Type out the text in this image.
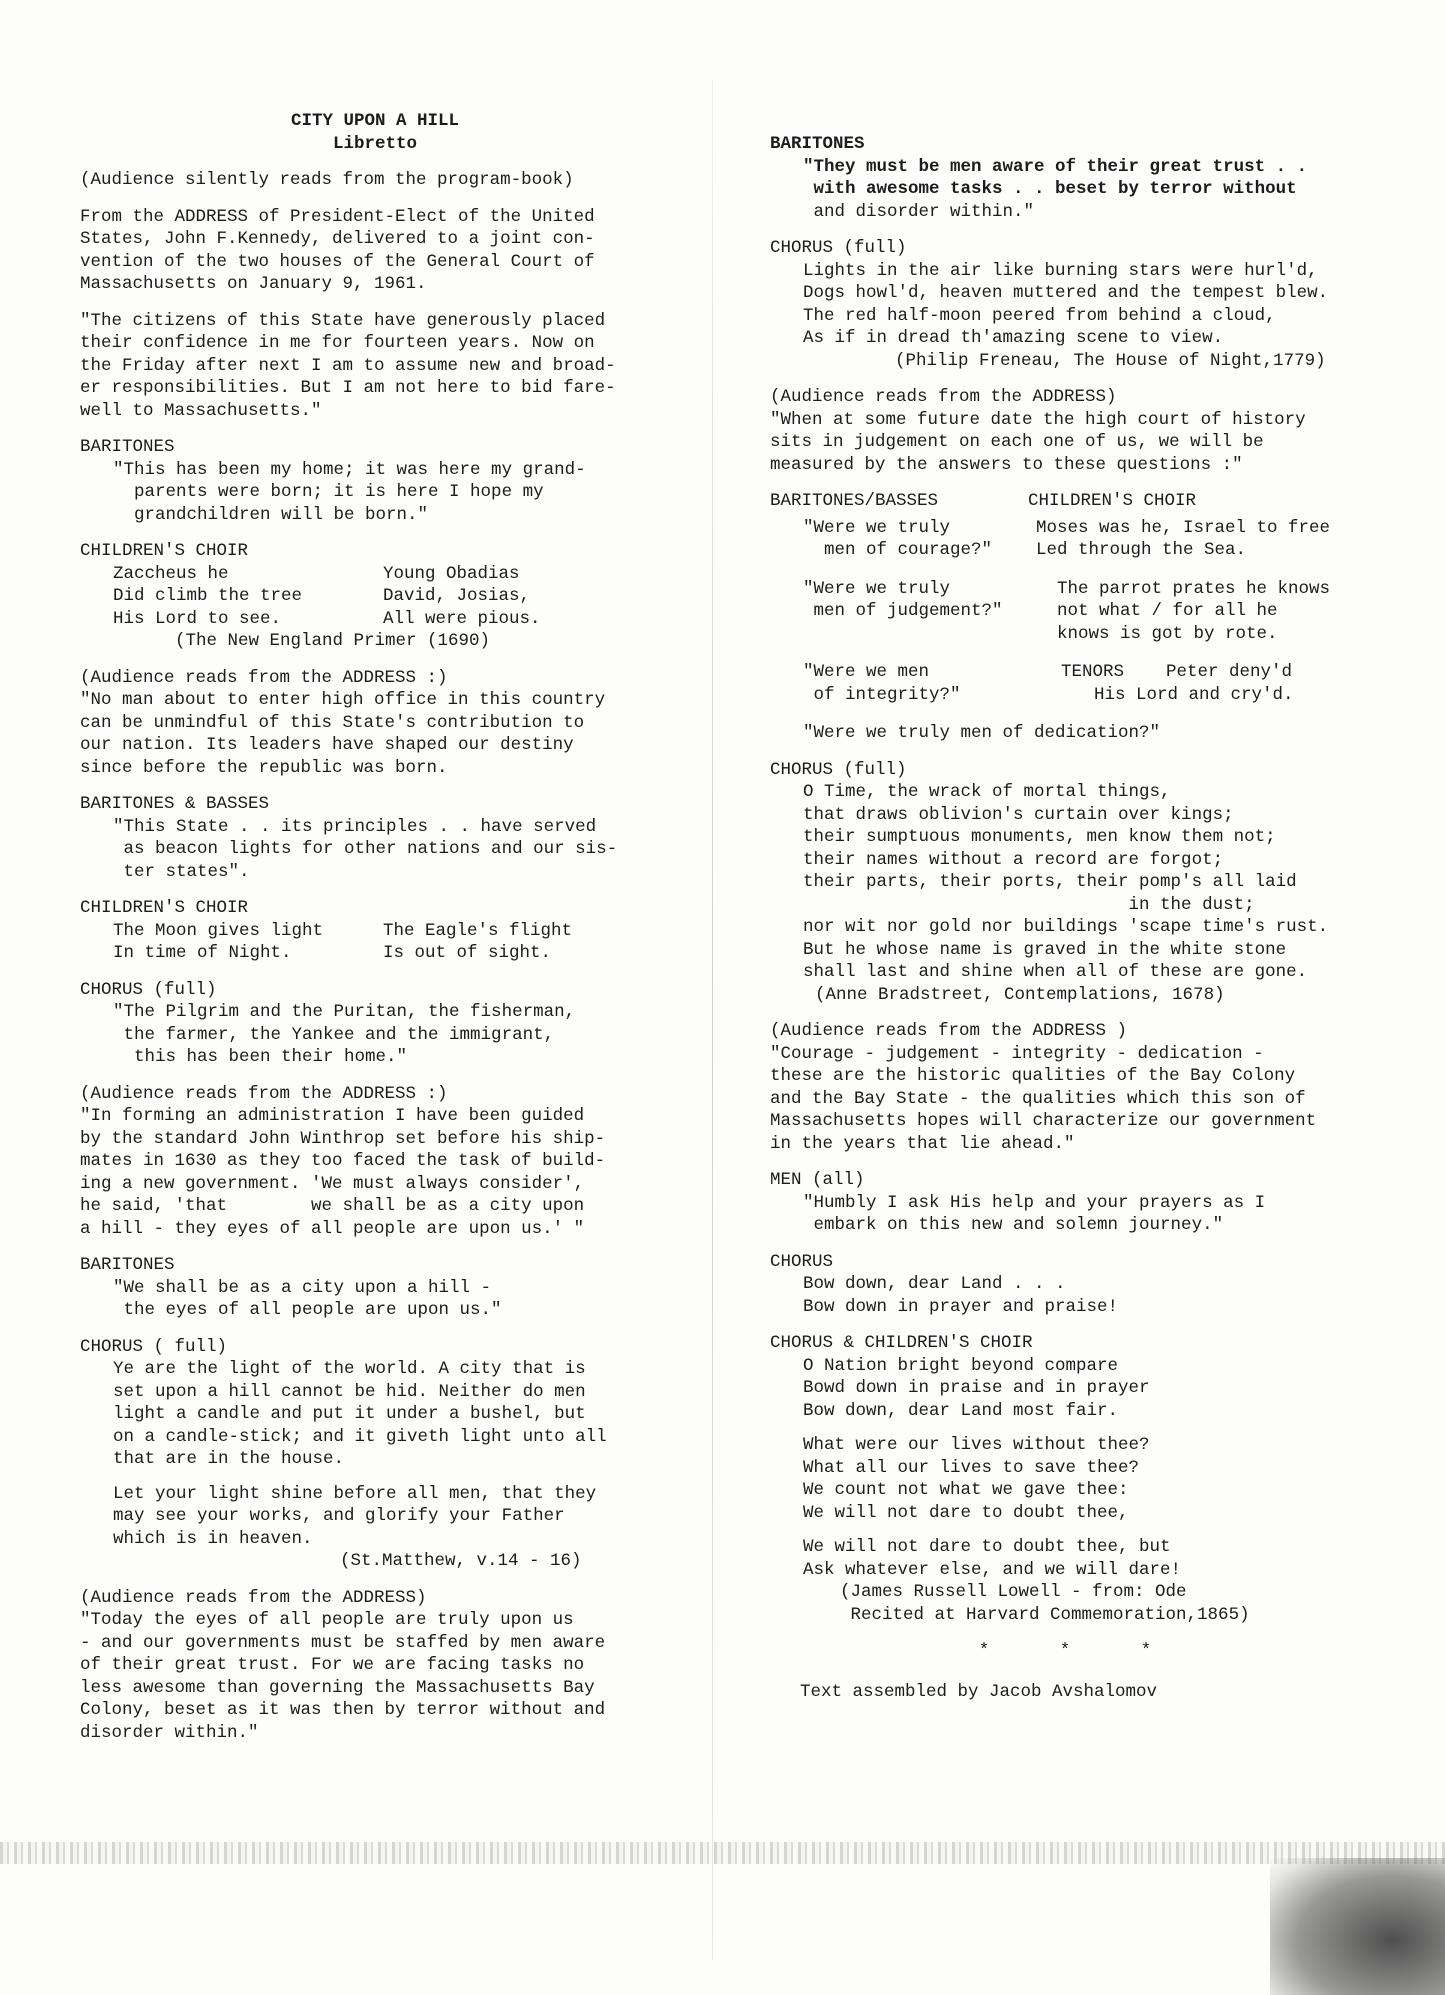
CITY UPON A HILL
Libretto
(Audience silently reads from the program-book)
From the ADDRESS of President-Elect of the United
States, John F.Kennedy, delivered to a joint con-
vention of the two houses of the General Court of
Massachusetts on January 9, 1961.
"The citizens of this State have generously placed
their confidence in me for fourteen years. Now on
the Friday after next I am to assume new and broad-
er responsibilities. But I am not here to bid fare-
well to Massachusetts."
BARITONES
"This has been my home; it was here my grand-
parents were born; it is here I hope my
grandchildren will be born."
CHILDREN'S CHOIR
Zaccheus he
Did climb the tree
His Lord to see.
Young Obadias
David, Josias,
All were pious.
(The New England Primer (1690)
(Audience reads from the ADDRESS :)
"No man about to enter high office in this country
can be unmindful of this State's contribution to
our nation. Its leaders have shaped our destiny
since before the republic was born.
BARITONES & BASSES
"This State . . its principles . . have served
as beacon lights for other nations and our sis-
ter states".
CHILDREN'S CHOIR
The Moon gives light
In time of Night.
The Eagle's flight
Is out of sight.
CHORUS (full)
"The Pilgrim and the Puritan, the fisherman,
the farmer, the Yankee and the immigrant,
this has been their home."
(Audience reads from the ADDRESS :)
"In forming an administration I have been guided
by the standard John Winthrop set before his ship-
mates in 1630 as they too faced the task of build-
ing a new government. 'We must always consider',
he said, 'that        we shall be as a city upon
a hill - they eyes of all people are upon us.' "
BARITONES
"We shall be as a city upon a hill -
the eyes of all people are upon us."
CHORUS ( full)
Ye are the light of the world. A city that is
set upon a hill cannot be hid. Neither do men
light a candle and put it under a bushel, but
on a candle-stick; and it giveth light unto all
that are in the house.
Let your light shine before all men, that they
may see your works, and glorify your Father
which is in heaven.
(St.Matthew, v.14 - 16)
(Audience reads from the ADDRESS)
"Today the eyes of all people are truly upon us
- and our governments must be staffed by men aware
of their great trust. For we are facing tasks no
less awesome than governing the Massachusetts Bay
Colony, beset as it was then by terror without and
disorder within."
BARITONES
"They must be men aware of their great trust . .
with awesome tasks . . beset by terror without
and disorder within."
CHORUS (full)
Lights in the air like burning stars were hurl'd,
Dogs howl'd, heaven muttered and the tempest blew.
The red half-moon peered from behind a cloud,
As if in dread th'amazing scene to view.
(Philip Freneau, The House of Night,1779)
(Audience reads from the ADDRESS)
"When at some future date the high court of history
sits in judgement on each one of us, we will be
measured by the answers to these questions :"
BARITONES/BASSES	CHILDREN'S CHOIR
"Were we truly
men of courage?"
Moses was he, Israel to free
Led through the Sea.
"Were we truly
men of judgement?"
The parrot prates he knows
not what / for all he
knows is got by rote.
"Were we men
of integrity?"
TENORS    Peter deny'd
His Lord and cry'd.
"Were we truly men of dedication?"
CHORUS (full)
O Time, the wrack of mortal things,
that draws oblivion's curtain over kings;
their sumptuous monuments, men know them not;
their names without a record are forgot;
their parts, their ports, their pomp's all laid
in the dust;
nor wit nor gold nor buildings 'scape time's rust.
But he whose name is graved in the white stone
shall last and shine when all of these are gone.
(Anne Bradstreet, Contemplations, 1678)
(Audience reads from the ADDRESS )
"Courage - judgement - integrity - dedication -
these are the historic qualities of the Bay Colony
and the Bay State - the qualities which this son of
Massachusetts hopes will characterize our government
in the years that lie ahead."
MEN (all)
"Humbly I ask His help and your prayers as I
embark on this new and solemn journey."
CHORUS
Bow down, dear Land . . .
Bow down in prayer and praise!
CHORUS & CHILDREN'S CHOIR
O Nation bright beyond compare
Bowd down in praise and in prayer
Bow down, dear Land most fair.
What were our lives without thee?
What all our lives to save thee?
We count not what we gave thee:
We will not dare to doubt thee,
We will not dare to doubt thee, but
Ask whatever else, and we will dare!
(James Russell Lowell - from: Ode
Recited at Harvard Commemoration,1865)
* * *
Text assembled by Jacob Avshalomov
